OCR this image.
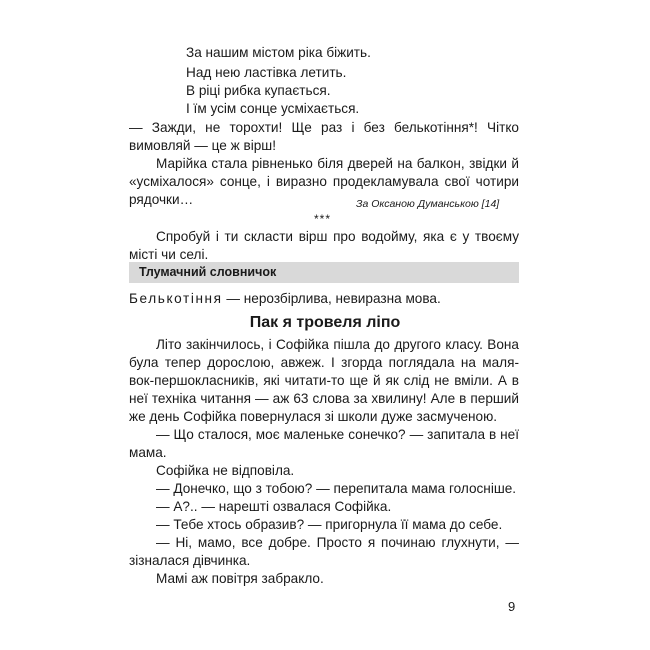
За нашим містом ріка біжить.
Над нею ластівка летить.
В ріці рибка купається.
І їм усім сонце усміхається.
— Зажди, не торохти! Ще раз і без белькотіння*! Чітко
вимовляй — це ж вірш!
Марійка стала рівненько біля дверей на балкон, звідки й
«усміхалося» сонце, і виразно продекламувала свої чотири
рядочки…	За Оксаною Думанською [14]
***
Спробуй і ти скласти вірш про водойму, яка є у твоєму
місті чи селі.
Тлумачний словничок
Белькотіння — нерозбірлива, невиразна мова.
Пак я тровеля ліпо
Літо закінчилось, і Софійка пішла до другого класу. Вона
була тепер дорослою, авжеж. І згорда поглядала на маля-
вок-першокласників, які читати-то ще й як слід не вміли. А в
неї техніка читання — аж 63 слова за хвилину! Але в перший
же день Софійка повернулася зі школи дуже засмученою.
— Що сталося, моє маленьке сонечко? — запитала в неї
мама.
Софійка не відповіла.
— Донечко, що з тобою? — перепитала мама голосніше.
— А?.. — нарешті озвалася Софійка.
— Тебе хтось образив? — пригорнула її мама до себе.
— Ні, мамо, все добре. Просто я починаю глухнути, —
зізналася дівчинка.
Мамі аж повітря забракло.
9
